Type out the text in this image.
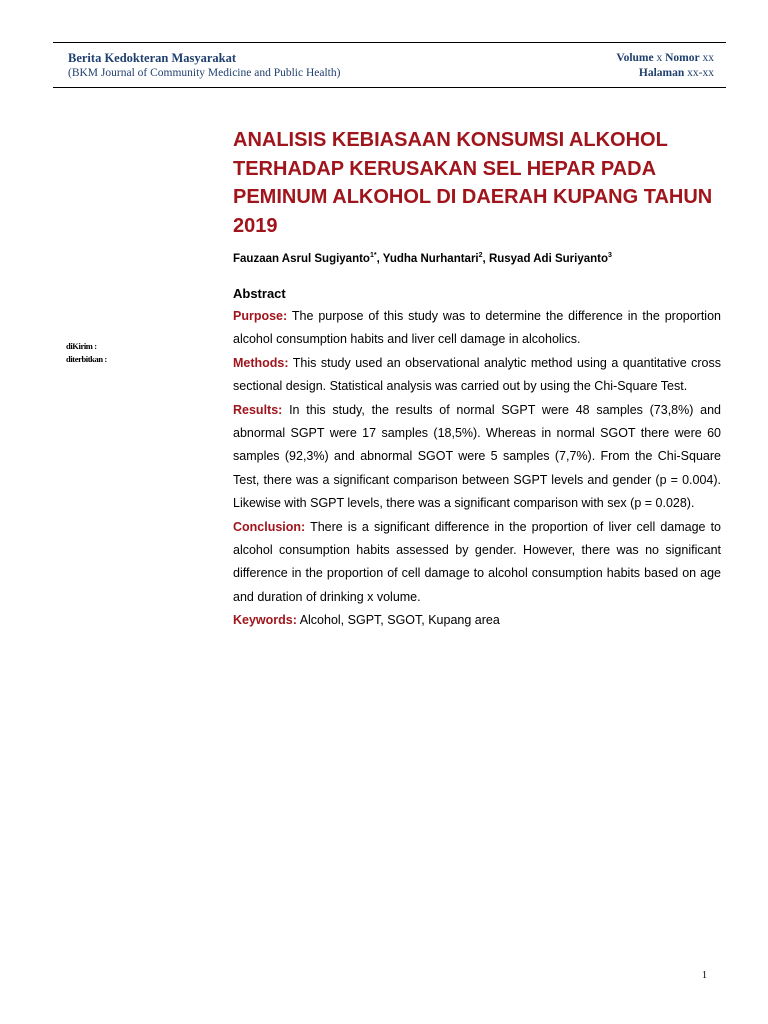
Berita Kedokteran Masyarakat
(BKM Journal of Community Medicine and Public Health)
Volume x Nomor xx
Halaman xx-xx
diKirim :
diterbitkan :
ANALISIS KEBIASAAN KONSUMSI ALKOHOL TERHADAP KERUSAKAN SEL HEPAR PADA PEMINUM ALKOHOL DI DAERAH KUPANG TAHUN 2019
Fauzaan Asrul Sugiyanto$^{1*}$, Yudha Nurhantari$^2$, Rusyad Adi Suriyanto$^3$
Abstract

Purpose: The purpose of this study was to determine the difference in the proportion alcohol consumption habits and liver cell damage in alcoholics.

Methods: This study used an observational analytic method using a quantitative cross sectional design. Statistical analysis was carried out by using the Chi-Square Test.

Results: In this study, the results of normal SGPT were 48 samples (73,8%) and abnormal SGPT were 17 samples (18,5%). Whereas in normal SGOT there were 60 samples (92,3%) and abnormal SGOT were 5 samples (7,7%). From the Chi-Square Test, there was a significant comparison between SGPT levels and gender (p = 0.004). Likewise with SGPT levels, there was a significant comparison with sex (p = 0.028).

Conclusion: There is a significant difference in the proportion of liver cell damage to alcohol consumption habits assessed by gender. However, there was no significant difference in the proportion of cell damage to alcohol consumption habits based on age and duration of drinking x volume.

Keywords: Alcohol, SGPT, SGOT, Kupang area

1
